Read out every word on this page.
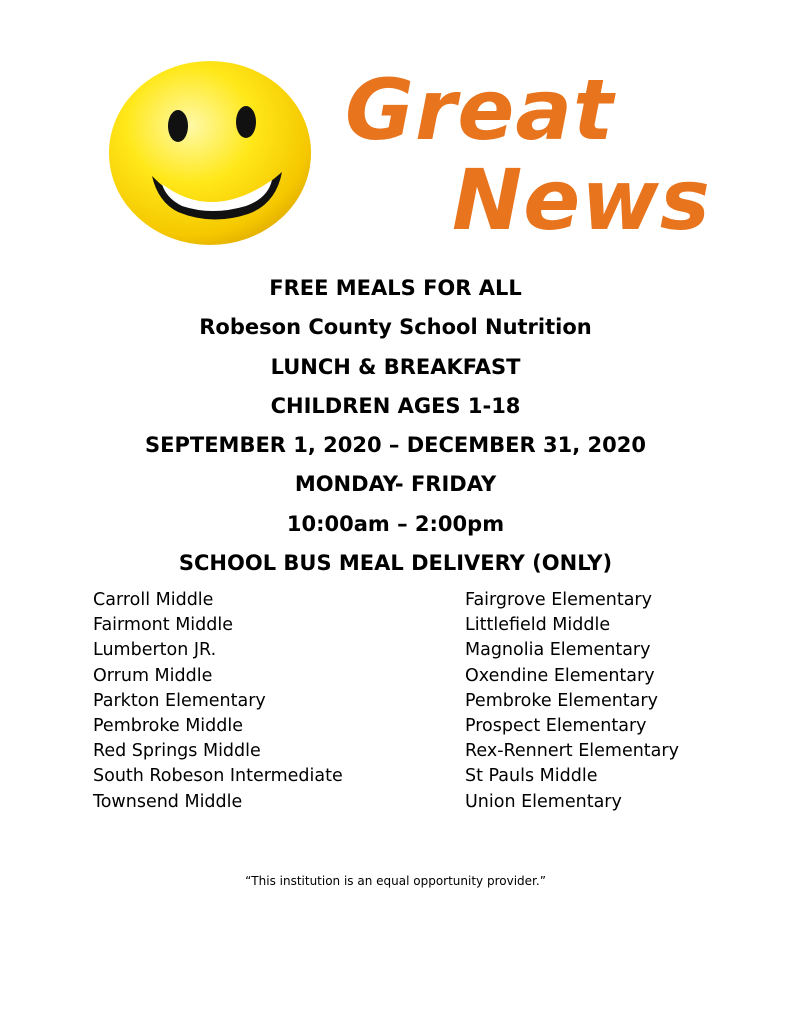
Great
News
FREE MEALS FOR ALL
Robeson County School Nutrition
LUNCH & BREAKFAST
CHILDREN AGES 1-18
SEPTEMBER 1, 2020 – DECEMBER 31, 2020
MONDAY- FRIDAY
10:00am – 2:00pm
SCHOOL BUS MEAL DELIVERY (ONLY)
Carroll Middle
Fairmont Middle
Lumberton JR.
Orrum Middle
Parkton Elementary
Pembroke Middle
Red Springs Middle
South Robeson Intermediate
Townsend Middle
Fairgrove Elementary
Littlefield Middle
Magnolia Elementary
Oxendine Elementary
Pembroke Elementary
Prospect Elementary
Rex-Rennert Elementary
St Pauls Middle
Union Elementary
“This institution is an equal opportunity provider.”
